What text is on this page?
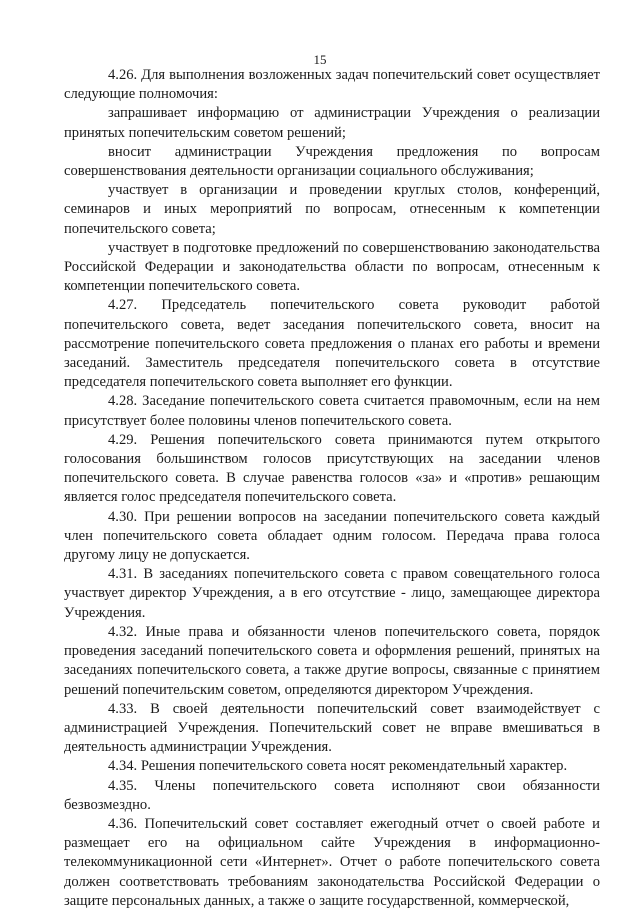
15

4.26. Для выполнения возложенных задач попечительский совет осуществляет следующие полномочия:

запрашивает информацию от администрации Учреждения о реализации принятых попечительским советом решений;

вносит администрации Учреждения предложения по вопросам совершенствования деятельности организации социального обслуживания;

участвует в организации и проведении круглых столов, конференций, семинаров и иных мероприятий по вопросам, отнесенным к компетенции попечительского совета;

участвует в подготовке предложений по совершенствованию законодательства Российской Федерации и законодательства области по вопросам, отнесенным к компетенции попечительского совета.

4.27. Председатель попечительского совета руководит работой попечительского совета, ведет заседания попечительского совета, вносит на рассмотрение попечительского совета предложения о планах его работы и времени заседаний. Заместитель председателя попечительского совета в отсутствие председателя попечительского совета выполняет его функции.

4.28. Заседание попечительского совета считается правомочным, если на нем присутствует более половины членов попечительского совета.

4.29. Решения попечительского совета принимаются путем открытого голосования большинством голосов присутствующих на заседании членов попечительского совета. В случае равенства голосов «за» и «против» решающим является голос председателя попечительского совета.

4.30. При решении вопросов на заседании попечительского совета каждый член попечительского совета обладает одним голосом. Передача права голоса другому лицу не допускается.

4.31. В заседаниях попечительского совета с правом совещательного голоса участвует директор Учреждения, а в его отсутствие - лицо, замещающее директора Учреждения.

4.32. Иные права и обязанности членов попечительского совета, порядок проведения заседаний попечительского совета и оформления решений, принятых на заседаниях попечительского совета, а также другие вопросы, связанные с принятием решений попечительским советом, определяются директором Учреждения.

4.33. В своей деятельности попечительский совет взаимодействует с администрацией Учреждения. Попечительский совет не вправе вмешиваться в деятельность администрации Учреждения.

4.34. Решения попечительского совета носят рекомендательный характер.

4.35. Члены попечительского совета исполняют свои обязанности безвозмездно.

4.36. Попечительский совет составляет ежегодный отчет о своей работе и размещает его на официальном сайте Учреждения в информационно-телекоммуникационной сети «Интернет». Отчет о работе попечительского совета должен соответствовать требованиям законодательства Российской Федерации о защите персональных данных, а также о защите государственной, коммерческой,
